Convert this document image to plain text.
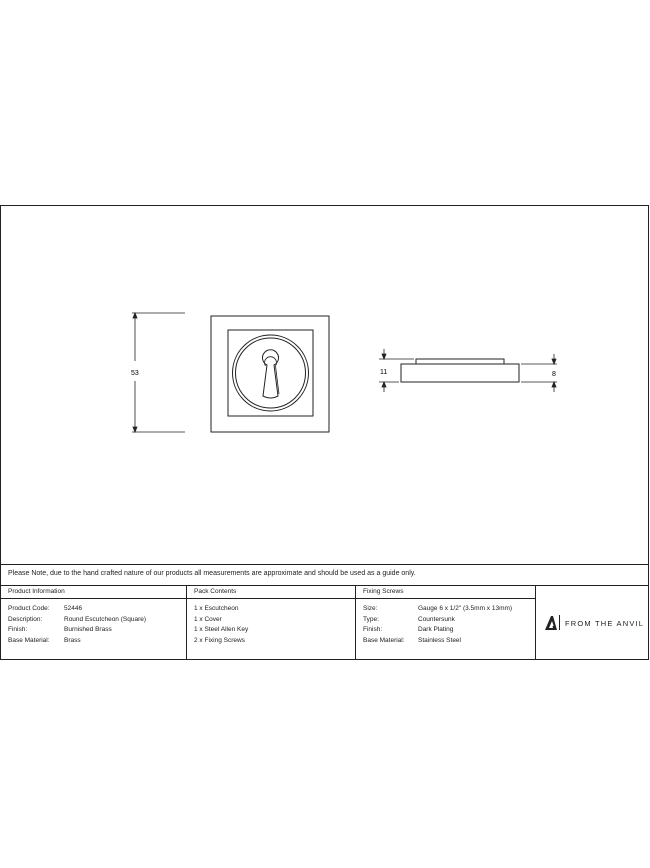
53	11	8
Please Note, due to the hand crafted nature of our products all measurements are approximate and should be used as a guide only.
Product Information
Product Code: 52446
Description:	Round Escutcheon (Square)
Finish:	Burnished Brass
Base Material: Brass
Pack Contents
1 x Escutcheon
1 x Cover
1 x Steel Allen Key
2 x Fixing Screws
Fixing Screws
Size:	Gauge 6 x 1/2" (3.5mm x 13mm)
Type:	Countersunk
Finish:	Dark Plating
Base Material: Stainless Steel
FROM THE ANVIL
